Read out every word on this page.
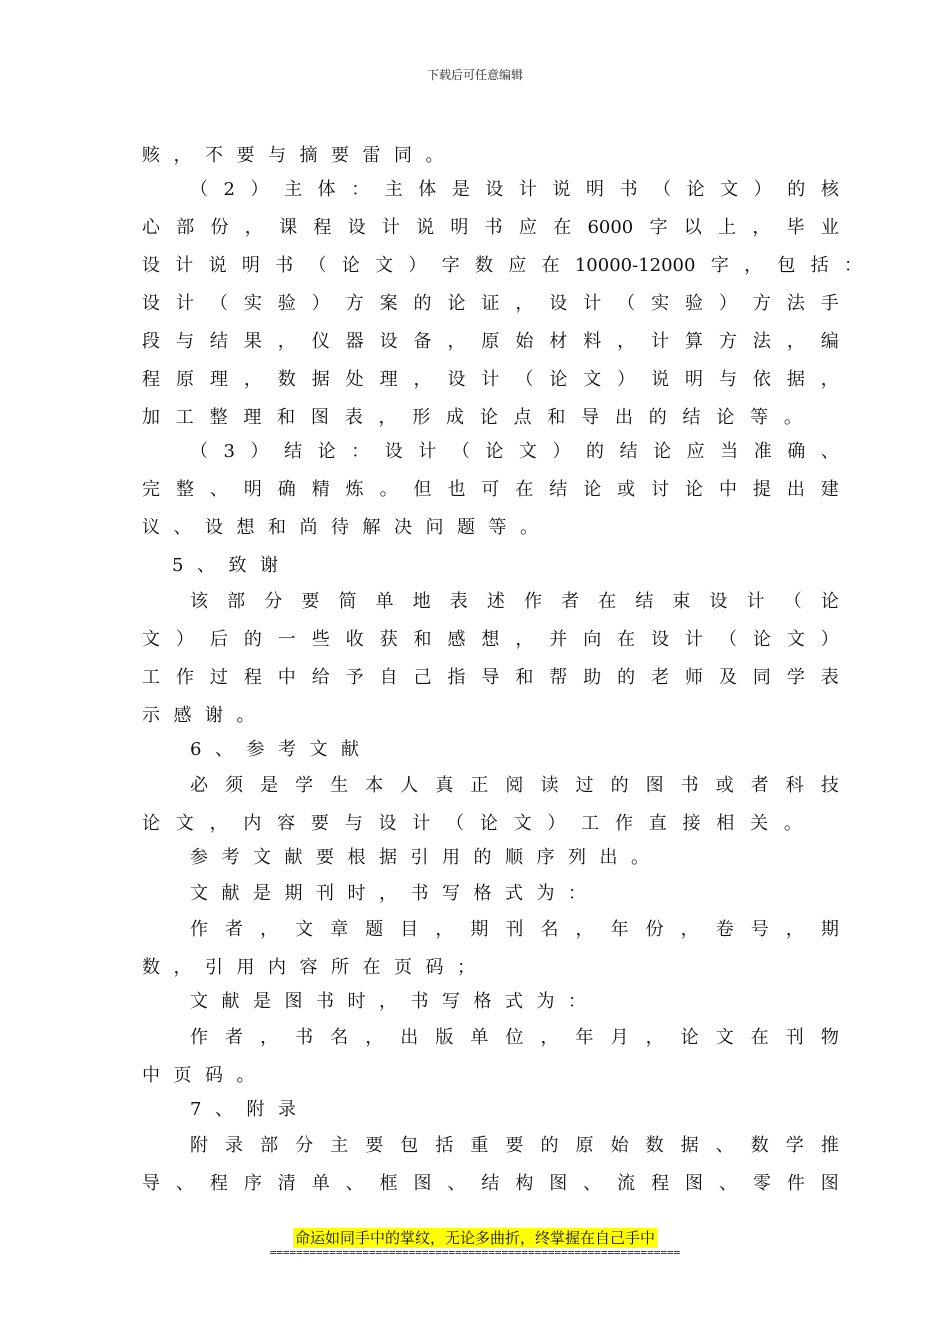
下载后可任意编辑
赅 ， 不 要 与 摘 要 雷 同 。
（ 2 ） 主 体 ： 主 体 是 设 计 说 明 书 （ 论 文 ） 的 核
心 部 份 ， 课 程 设 计 说 明 书 应 在 6000 字 以 上 ， 毕 业
设 计 说 明 书 （ 论 文 ） 字 数 应 在 10000-12000 字 ， 包 括 ：
设 计 （ 实 验 ） 方 案 的 论 证 ， 设 计 （ 实 验 ） 方 法 手
段 与 结 果 ， 仪 器 设 备 ， 原 始 材 料 ， 计 算 方 法 ， 编
程 原 理 ， 数 据 处 理 ， 设 计 （ 论 文 ） 说 明 与 依 据 ，
加 工 整 理 和 图 表 ， 形 成 论 点 和 导 出 的 结 论 等 。
（ 3 ） 结 论 ： 设 计 （ 论 文 ） 的 结 论 应 当 准 确 、
完 整 、 明 确 精 炼 。 但 也 可 在 结 论 或 讨 论 中 提 出 建
议 、 设 想 和 尚 待 解 决 问 题 等 。
5 、 致 谢
该 部 分 要 简 单 地 表 述 作 者 在 结 束 设 计 （ 论
文 ） 后 的 一 些 收 获 和 感 想 ， 并 向 在 设 计 （ 论 文 ）
工 作 过 程 中 给 予 自 己 指 导 和 帮 助 的 老 师 及 同 学 表
示 感 谢 。
6 、 参 考 文 献
必 须 是 学 生 本 人 真 正 阅 读 过 的 图 书 或 者 科 技
论 文 ， 内 容 要 与 设 计 （ 论 文 ） 工 作 直 接 相 关 。
参 考 文 献 要 根 据 引 用 的 顺 序 列 出 。
文 献 是 期 刊 时 ， 书 写 格 式 为 ：
作 者 ， 文 章 题 目 ， 期 刊 名 ， 年 份 ， 卷 号 ， 期
数 ， 引 用 内 容 所 在 页 码 ；
文 献 是 图 书 时 ， 书 写 格 式 为 ：
作 者 ， 书 名 ， 出 版 单 位 ， 年 月 ， 论 文 在 刊 物
中 页 码 。
7 、 附 录
附 录 部 分 主 要 包 括 重 要 的 原 始 数 据 、 数 学 推
导 、 程 序 清 单 、 框 图 、 结 构 图 、 流 程 图 、 零 件 图
命运如同手中的掌纹，无论多曲折，终掌握在自己手中
==============================================================
